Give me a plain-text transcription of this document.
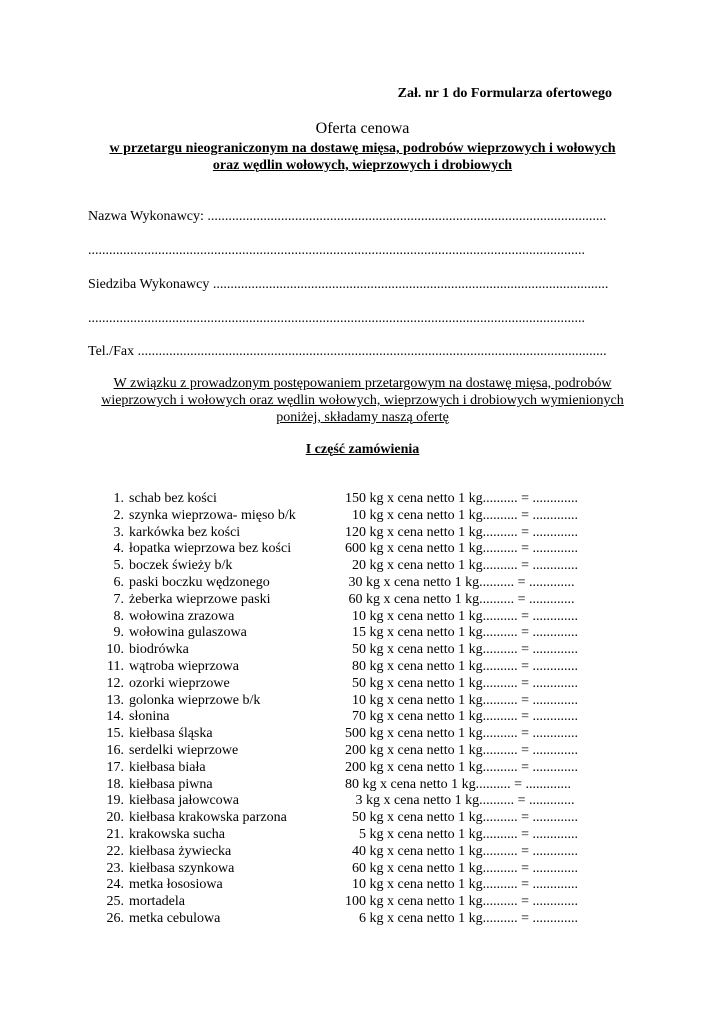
Zał. nr 1 do Formularza ofertowego
Oferta cenowa
w przetargu nieograniczonym na dostawę mięsa, podrobów wieprzowych i wołowych
oraz wędlin wołowych, wieprzowych i drobiowych
Nazwa Wykonawcy: ..................................................................................................................
..............................................................................................................................................
Siedziba Wykonawcy .................................................................................................................
..............................................................................................................................................
Tel./Fax ......................................................................................................................................
W związku z prowadzonym postępowaniem przetargowym na dostawę mięsa, podrobów
wieprzowych i wołowych oraz wędlin wołowych, wieprzowych i drobiowych wymienionych
poniżej, składamy naszą ofertę
I część zamówienia
1. schab bez kości	150 kg x cena netto 1 kg.......... = .............
2. szynka wieprzowa- mięso b/k	10 kg x cena netto 1 kg.......... = .............
3. karkówka bez kości	120 kg x cena netto 1 kg.......... = .............
4. łopatka wieprzowa bez kości	600 kg x cena netto 1 kg.......... = .............
5. boczek świeży b/k	20 kg x cena netto 1 kg.......... = .............
6. paski boczku wędzonego	30 kg x cena netto 1 kg.......... = .............
7. żeberka wieprzowe paski	60 kg x cena netto 1 kg.......... = .............
8. wołowina zrazowa	10 kg x cena netto 1 kg.......... = .............
9. wołowina gulaszowa	15 kg x cena netto 1 kg.......... = .............
10. biodrówka	50 kg x cena netto 1 kg.......... = .............
11. wątroba wieprzowa	80 kg x cena netto 1 kg.......... = .............
12. ozorki wieprzowe	50 kg x cena netto 1 kg.......... = .............
13. golonka wieprzowe b/k	10 kg x cena netto 1 kg.......... = .............
14. słonina	70 kg x cena netto 1 kg.......... = .............
15. kiełbasa śląska	500 kg x cena netto 1 kg.......... = .............
16. serdelki wieprzowe	200 kg x cena netto 1 kg.......... = .............
17. kiełbasa biała	200 kg x cena netto 1 kg.......... = .............
18. kiełbasa piwna	80 kg x cena netto 1 kg.......... = .............
19. kiełbasa jałowcowa	3 kg x cena netto 1 kg.......... = .............
20. kiełbasa krakowska parzona	50 kg x cena netto 1 kg.......... = .............
21. krakowska sucha	5 kg x cena netto 1 kg.......... = .............
22. kiełbasa żywiecka	40 kg x cena netto 1 kg.......... = .............
23. kiełbasa szynkowa	60 kg x cena netto 1 kg.......... = .............
24. metka łososiowa	10 kg x cena netto 1 kg.......... = .............
25. mortadela	100 kg x cena netto 1 kg.......... = .............
26. metka cebulowa	6 kg x cena netto 1 kg.......... = .............
